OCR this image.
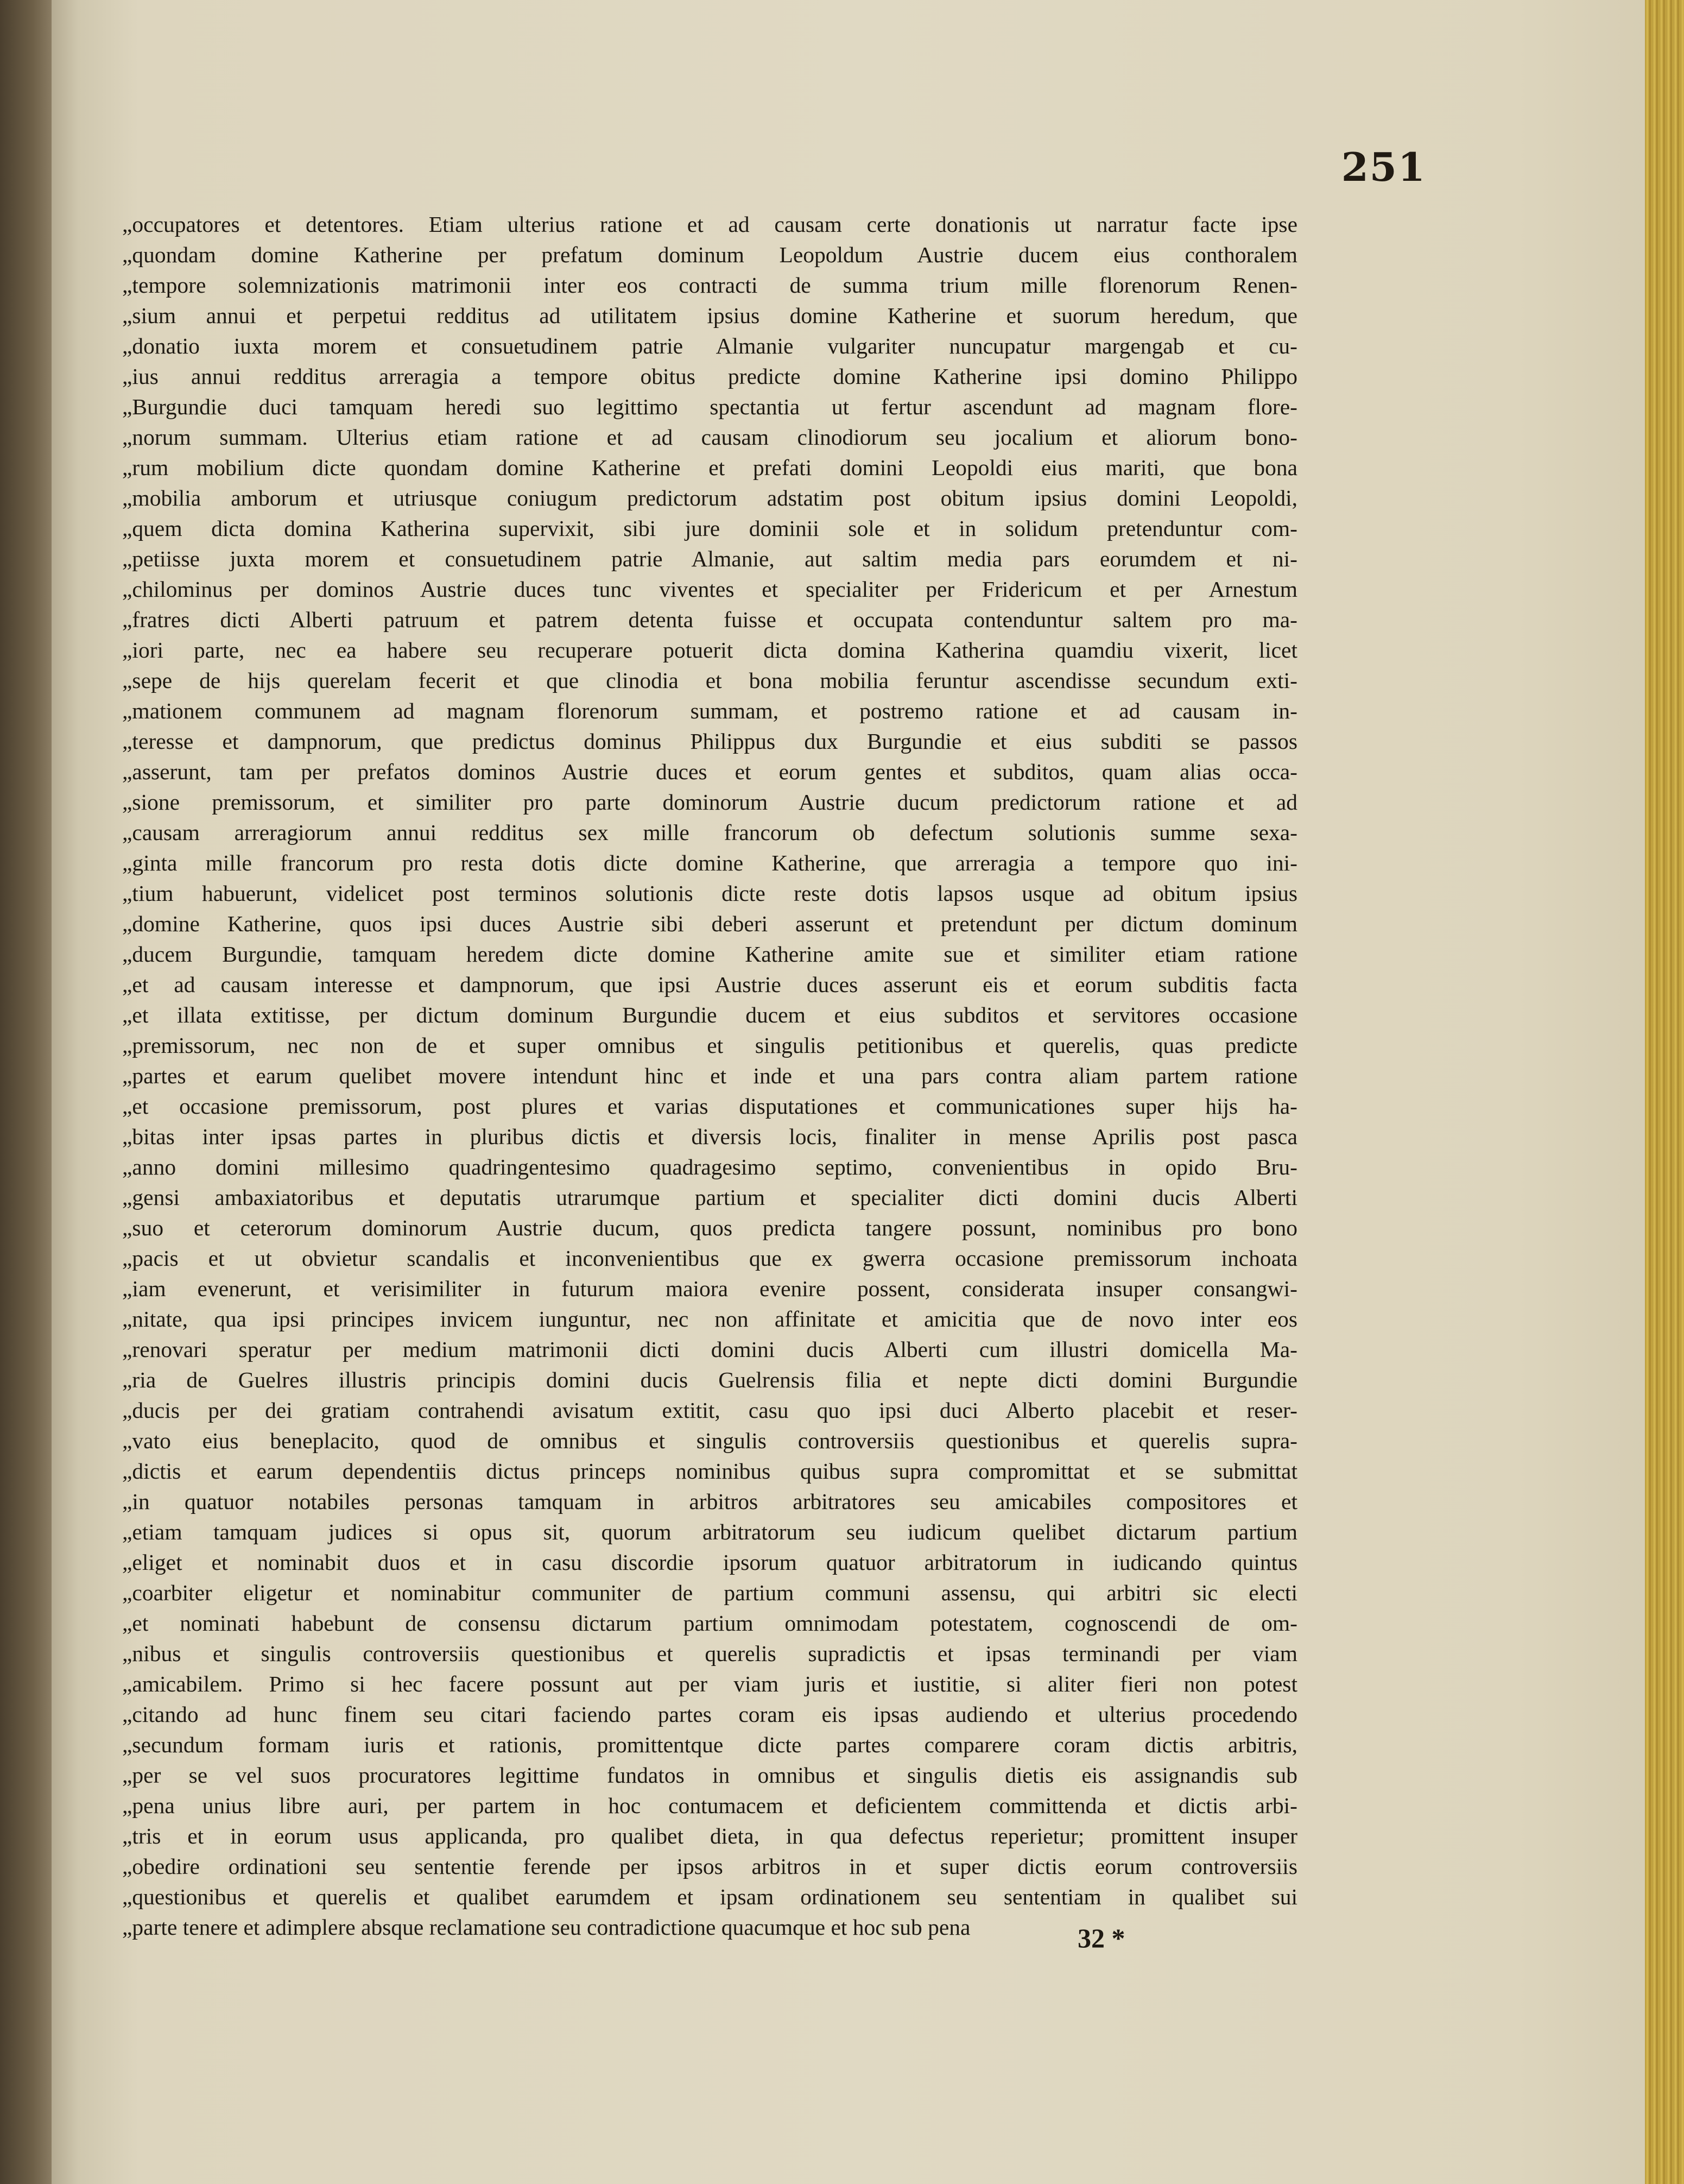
251
„occupatores et detentores. Etiam ulterius ratione et ad causam certe donationis ut narratur facte ipse
„quondam domine Katherine per prefatum dominum Leopoldum Austrie ducem eius conthoralem
„tempore solemnizationis matrimonii inter eos contracti de summa trium mille florenorum Renen-
„sium annui et perpetui redditus ad utilitatem ipsius domine Katherine et suorum heredum, que
„donatio iuxta morem et consuetudinem patrie Almanie vulgariter nuncupatur margengab et cu-
„ius annui redditus arreragia a tempore obitus predicte domine Katherine ipsi domino Philippo
„Burgundie duci tamquam heredi suo legittimo spectantia ut fertur ascendunt ad magnam flore-
„norum summam. Ulterius etiam ratione et ad causam clinodiorum seu jocalium et aliorum bono-
„rum mobilium dicte quondam domine Katherine et prefati domini Leopoldi eius mariti, que bona
„mobilia amborum et utriusque coniugum predictorum adstatim post obitum ipsius domini Leopoldi,
„quem dicta domina Katherina supervixit, sibi jure dominii sole et in solidum pretenduntur com-
„petiisse juxta morem et consuetudinem patrie Almanie, aut saltim media pars eorumdem et ni-
„chilominus per dominos Austrie duces tunc viventes et specialiter per Fridericum et per Arnestum
„fratres dicti Alberti patruum et patrem detenta fuisse et occupata contenduntur saltem pro ma-
„iori parte, nec ea habere seu recuperare potuerit dicta domina Katherina quamdiu vixerit, licet
„sepe de hijs querelam fecerit et que clinodia et bona mobilia feruntur ascendisse secundum exti-
„mationem communem ad magnam florenorum summam, et postremo ratione et ad causam in-
„teresse et dampnorum, que predictus dominus Philippus dux Burgundie et eius subditi se passos
„asserunt, tam per prefatos dominos Austrie duces et eorum gentes et subditos, quam alias occa-
„sione premissorum, et similiter pro parte dominorum Austrie ducum predictorum ratione et ad
„causam arreragiorum annui redditus sex mille francorum ob defectum solutionis summe sexa-
„ginta mille francorum pro resta dotis dicte domine Katherine, que arreragia a tempore quo ini-
„tium habuerunt, videlicet post terminos solutionis dicte reste dotis lapsos usque ad obitum ipsius
„domine Katherine, quos ipsi duces Austrie sibi deberi asserunt et pretendunt per dictum dominum
„ducem Burgundie, tamquam heredem dicte domine Katherine amite sue et similiter etiam ratione
„et ad causam interesse et dampnorum, que ipsi Austrie duces asserunt eis et eorum subditis facta
„et illata extitisse, per dictum dominum Burgundie ducem et eius subditos et servitores occasione
„premissorum, nec non de et super omnibus et singulis petitionibus et querelis, quas predicte
„partes et earum quelibet movere intendunt hinc et inde et una pars contra aliam partem ratione
„et occasione premissorum, post plures et varias disputationes et communicationes super hijs ha-
„bitas inter ipsas partes in pluribus dictis et diversis locis, finaliter in mense Aprilis post pasca
„anno domini millesimo quadringentesimo quadragesimo septimo, convenientibus in opido Bru-
„gensi ambaxiatoribus et deputatis utrarumque partium et specialiter dicti domini ducis Alberti
„suo et ceterorum dominorum Austrie ducum, quos predicta tangere possunt, nominibus pro bono
„pacis et ut obvietur scandalis et inconvenientibus que ex gwerra occasione premissorum inchoata
„iam evenerunt, et verisimiliter in futurum maiora evenire possent, considerata insuper consangwi-
„nitate, qua ipsi principes invicem iunguntur, nec non affinitate et amicitia que de novo inter eos
„renovari speratur per medium matrimonii dicti domini ducis Alberti cum illustri domicella Ma-
„ria de Guelres illustris principis domini ducis Guelrensis filia et nepte dicti domini Burgundie
„ducis per dei gratiam contrahendi avisatum extitit, casu quo ipsi duci Alberto placebit et reser-
„vato eius beneplacito, quod de omnibus et singulis controversiis questionibus et querelis supra-
„dictis et earum dependentiis dictus princeps nominibus quibus supra compromittat et se submittat
„in quatuor notabiles personas tamquam in arbitros arbitratores seu amicabiles compositores et
„etiam tamquam judices si opus sit, quorum arbitratorum seu iudicum quelibet dictarum partium
„eliget et nominabit duos et in casu discordie ipsorum quatuor arbitratorum in iudicando quintus
„coarbiter eligetur et nominabitur communiter de partium communi assensu, qui arbitri sic electi
„et nominati habebunt de consensu dictarum partium omnimodam potestatem, cognoscendi de om-
„nibus et singulis controversiis questionibus et querelis supradictis et ipsas terminandi per viam
„amicabilem. Primo si hec facere possunt aut per viam juris et iustitie, si aliter fieri non potest
„citando ad hunc finem seu citari faciendo partes coram eis ipsas audiendo et ulterius procedendo
„secundum formam iuris et rationis, promittentque dicte partes comparere coram dictis arbitris,
„per se vel suos procuratores legittime fundatos in omnibus et singulis dietis eis assignandis sub
„pena unius libre auri, per partem in hoc contumacem et deficientem committenda et dictis arbi-
„tris et in eorum usus applicanda, pro qualibet dieta, in qua defectus reperietur; promittent insuper
„obedire ordinationi seu sententie ferende per ipsos arbitros in et super dictis eorum controversiis
„questionibus et querelis et qualibet earumdem et ipsam ordinationem seu sententiam in qualibet sui
„parte tenere et adimplere absque reclamatione seu contradictione quacumque et hoc sub pena	32 *
